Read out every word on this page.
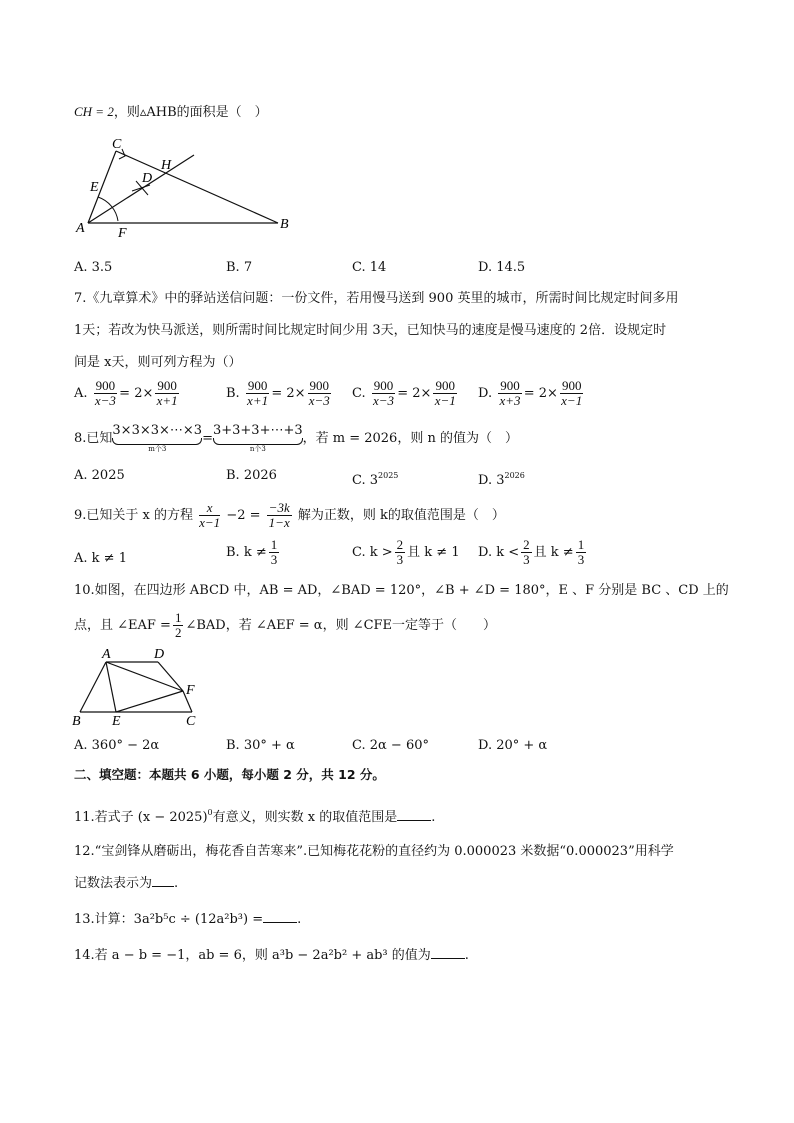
CH = 2，则▵AHB的面积是（　）
C
H
D
E
A F
B
A. 3.5	B. 7	C. 14	D. 14.5
7.《九章算术》中的驿站送信问题：一份文件，若用慢马送到 900 英里的城市，所需时间比规定时间多用
1天；若改为快马派送，则所需时间比规定时间少用 3天，已知快马的速度是慢马速度的 2倍．设规定时
间是 x天，则可列方程为（）
A. $\frac{900}{x-3} = 2\times \frac{900}{x+1}$	B. $\frac{900}{x+1} = 2\times \frac{900}{x-3} C$. $\frac{900}{x-3} = 2\times \frac{900}{x-1} D$. $\frac{900}{x+3} = 2\times \frac{900}{x-1}$
8.已知
3×3×3×⋯×3
m个3
=
3+3+3+⋯+3
n个3
，若 m = 2026，则 n 的值为（　）
A. 2025	B. 2026	C. $3^{2025}$	D. $3^{2026}$
9.已知关于 x 的方程 $\frac{x}{x-1} -2 = \frac{-3k}{1-x}$ 解为正数，则 k的取值范围是（　）
A. k ≠ 1	B. $k \ne \frac{1}{3}$	C. $k > \frac{2}{3}$ 且 k ≠ 1 D. $k < \frac{2}{3}$ 且 $k \ne \frac{1}{3}$
10.如图，在四边形 ABCD 中，AB = AD，∠BAD = 120°，∠B + ∠D = 180°，E 、F 分别是 BC 、CD 上的
点，且 ∠EAF = $\frac{1}{2}$ ∠BAD，若 ∠AEF = α，则 ∠CFE一定等于（　　）
A	D
F
B E	C
A. 360° − 2α	B. 30° + α	C. 2α − 60°	D. 20° + α
二、填空题：本题共 6 小题，每小题 2 分，共 12 分。
11.若式子 $(x - 2025)^0$有意义，则实数 x 的取值范围是	.
12.“宝剑锋从磨砺出，梅花香自苦寒来”.已知梅花花粉的直径约为 0.000023 米数据“0.000023”用科学
记数法表示为 .
13.计算：3a²b⁵c ÷ (12a²b³) =	.
14.若 a − b = −1，ab = 6，则 a³b − 2a²b² + ab³ 的值为	.
